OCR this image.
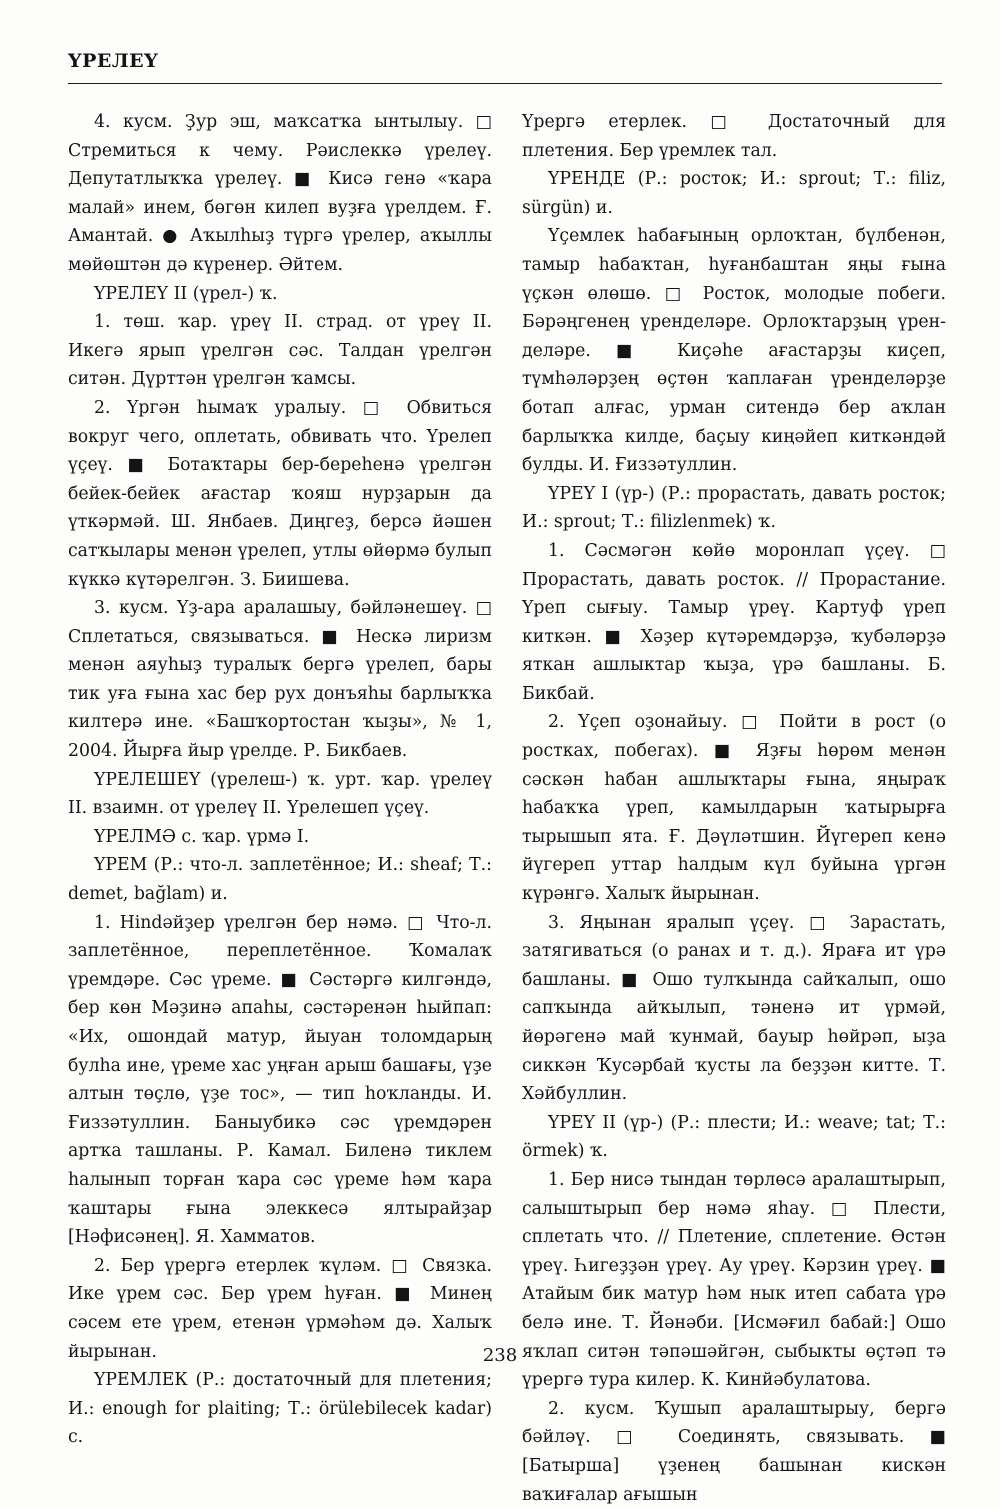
ҮРЕЛЕҮ

4. кусм. Ҙур эш, маҡсатҡа ынтылыу. □ Стремиться к чему. Рәислеккә үрелеү. Депутатлыҡҡа үрелеү. ■ Кисә генә «ҡара малай» инем, бөгөн килеп вуҙға үрелдем. Ғ. Амантай. ● Аҡылһыҙ түргә үрелер, аҡыллы мөйөштән дә күренер. Әйтем.

ҮРЕЛЕҮ II (үрел-) ҡ.

1. төш. ҡар. үреү II. страд. от үреү II. Икегә ярып үрелгән сәс. Талдан үрелгән ситән. Дүрттән үрелгән ҡамсы.

2. Үргән һымаҡ уралыу. □ Обвиться вокруг чего, оплетать, обвивать что. Үрелеп үҫеү. ■ Ботаҡтары бер-береһенә үрелгән бейек-бейек ағастар ҡояш нурҙарын да үткәрмәй. Ш. Янбаев. Диңгеҙ, берсә йәшен сатҡылары менән үрелеп, утлы өйөрмә булып күккә күтәрелгән. З. Биишева.

3. кусм. Үҙ-ара аралашыу, бәйләнешеү. □ Сплетаться, связываться. ■ Нескә лиризм менән аяуһыҙ туралыҡ бергә үрелеп, бары тик уға ғына хас бер рух донъяһы барлыҡҡа килтерә ине. «Башҡортостан ҡыҙы», № 1, 2004. Йырға йыр үрелде. Р. Бикбаев.

ҮРЕЛЕШЕҮ (үрелеш-) ҡ. урт. ҡар. үрелеү II. взаимн. от үрелеү II. Үрелешеп үҫеү.

ҮРЕЛМӘ с. ҡар. үрмә I.

ҮРЕМ (Р.: что-л. заплетённое; И.: sheaf; Т.: demet, bağlam) и.

1. Нindәйҙер үрелгән бер нәмә. □ Что-л. заплетённое, переплетённое. Ҡомалаҡ үремдәре. Сәс үреме. ■ Сәстәргә килгәндә, бер көн Мәҙинә апаһы, сәстәренән һыйпап: «Их, ошондай матур, йыуан толомдарың булһа ине, үреме хас уңған арыш башағы, үҙе алтын төҫлө, үҙе тос», — тип һоҡланды. И. Ғиззәтуллин. Баныубикә сәс үремдәрен артҡа ташланы. Р. Камал. Биленә тиклем һалынып торған ҡара сәс үреме һәм ҡара ҡаштары ғына элеккесә ялтырайҙар [Нәфисәнең]. Я. Хамматов.

2. Бер үрергә етерлек ҡүләм. □ Связка. Ике үрем сәс. Бер үрем һуған. ■ Минең сәсем ете үрем, етенән үрмәһәм дә. Халыҡ йырынан.

ҮРЕМЛЕК (Р.: достаточный для плетения; И.: enough for plaiting; Т.: örülebilecek kadar) с.

Үрергә етерлек. □ Достаточный для плетения. Бер үремлек тал.

ҮРЕНДЕ (Р.: росток; И.: sprout; Т.: filiz, sürgün) и.

Үҫемлек һабағының орлоҡтан, бүлбенән, тамыр һабаҡтан, һуғанбаштан яңы ғына үҫкән өлөшө. □ Росток, молодые побеги. Бәрәңгенең үренделәре. Орлоҡтарҙың үренделәре. ■ Киҫәһе ағастарҙы киҫеп, түмһәләрҙең өҫтөн ҡаплаған үренделәрҙе ботап алғас, урман ситендә бер аҡлан барлыҡҡа килде, баҫыу киңәйеп киткәндәй булды. И. Ғиззәтуллин.

ҮРЕҮ I (үр-) (Р.: прорастать, давать росток; И.: sprout; Т.: filizlenmek) ҡ.

1. Сәсмәгән көйө моронлап үҫеү. □ Прорастать, давать росток. // Прорастание. Үреп сығыу. Тамыр үреү. Картуф үреп киткән. ■ Хәҙер күтәремдәрҙә, ҡубәләрҙә яткан ашлыктар ҡыҙа, үрә башланы. Б. Бикбай.

2. Үҫеп оҙонайыу. □ Пойти в рост (о ростках, побегах). ■ Яҙғы һөрөм менән сәскән һабан ашлыҡтары ғына, яңыраҡ һабаҡҡа үреп, камылдарын ҡатырырға тырышып ята. Ғ. Дәүләтшин. Йүгереп кенә йүгереп уттар һалдым күл буйына үргән күрәнгә. Халыҡ йырынан.

3. Яңынан яралып үҫеү. □ Зарастать, затягиваться (о ранах и т. д.). Яраға ит үрә башланы. ■ Ошо тулҡында сайҡалып, ошо сапҡында айҡылып, тәненә ит үрмәй, йөрәгенә май ҡунмай, бауыр һөйрәп, ыҙа сиккән Ҡусәрбай ҡусты ла беҙҙән китте. Т. Хәйбуллин.

ҮРЕҮ II (үр-) (Р.: плести; И.: weave; tat; Т.: örmek) ҡ.

1. Бер нисә тындан төрлөсә аралаштырып, салыштырып бер нәмә яһау. □ Плести, сплетать что. // Плетение, сплетение. Өстән үреү. Һигеҙҙән үреү. Ау үреү. Кәрзин үреү. ■ Атайым бик матур һәм нык итеп сабата үрә белә ине. Т. Йәнәби. [Исмәғил бабай:] Ошо яҡлап ситән тәпәшәйгән, сыбыкты өҫтәп тә үрергә тура килер. К. Кинйәбулатова.

2. кусм. Ҡушып аралаштырыу, бергә бәйләү. □ Соединять, связывать. ■ [Батырша] үҙенең башынан кискән ваҡиғалар ағышын

238
